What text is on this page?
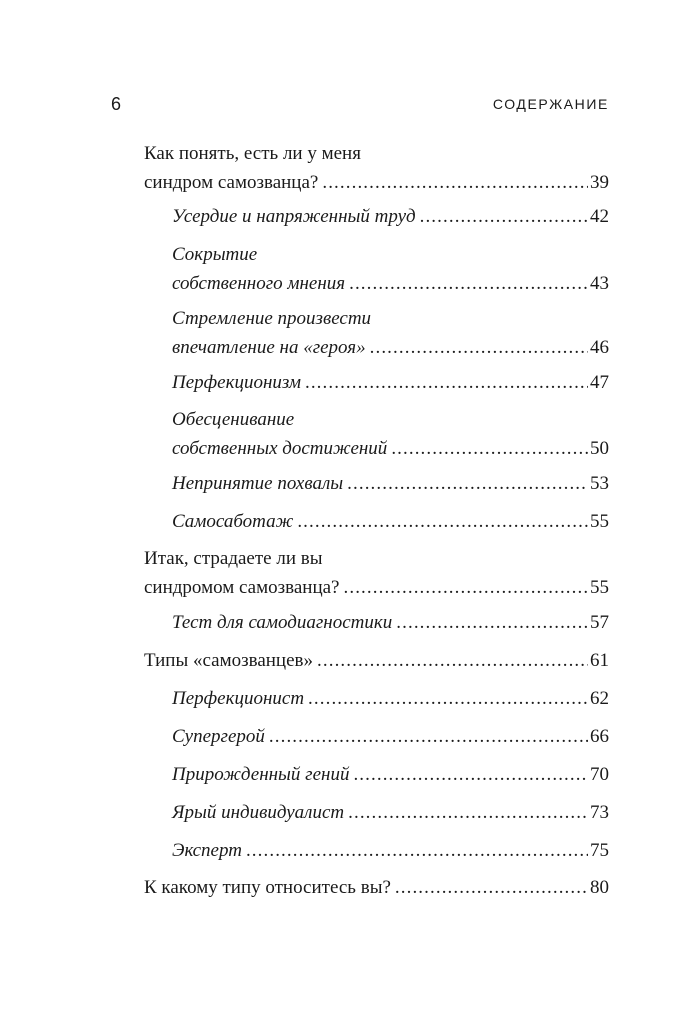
6	СОДЕРЖАНИЕ
Как понять, есть ли у меня
синдром самозванца? .....	39
Усердие и напряженный труд .....	42
Сокрытие
собственного мнения .....	43
Стремление произвести
впечатление на «героя» .....	46
Перфекционизм .....	47
Обесценивание
собственных достижений .....	50
Непринятие похвалы .....	53
Самосаботаж .....	55
Итак, страдаете ли вы
синдромом самозванца? .....	55
Тест для самодиагностики .....	57
Типы «самозванцев» .....	61
Перфекционист .....	62
Супергерой .....	66
Прирожденный гений .....	70
Ярый индивидуалист .....	73
Эксперт .....	75
К какому типу относитесь вы? .....	80
